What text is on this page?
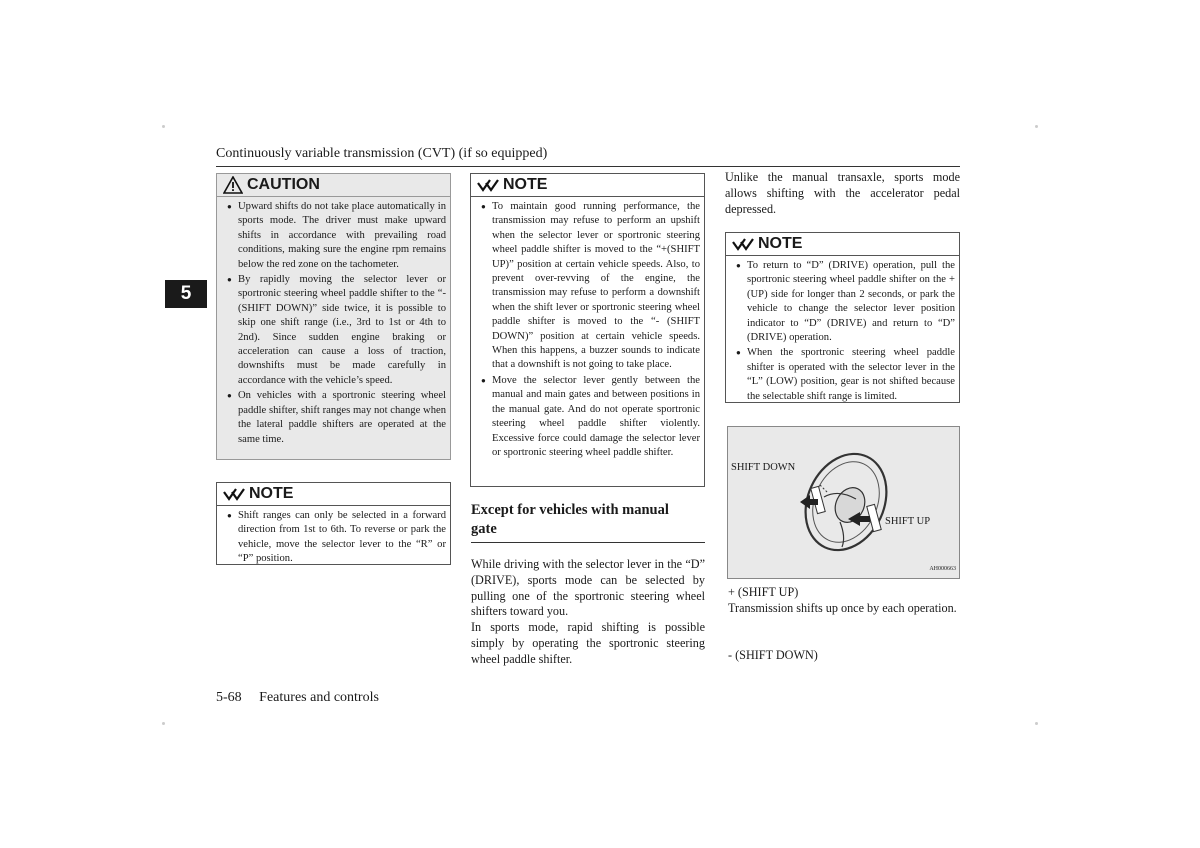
Continuously variable transmission (CVT) (if so equipped)
5
CAUTION
● Upward shifts do not take place automatically in sports mode. The driver must make upward shifts in accordance with prevailing road conditions, making sure the engine rpm remains below the red zone on the tachometer.
● By rapidly moving the selector lever or sportronic steering wheel paddle shifter to the “- (SHIFT DOWN)” side twice, it is possible to skip one shift range (i.e., 3rd to 1st or 4th to 2nd). Since sudden engine braking or acceleration can cause a loss of traction, downshifts must be made carefully in accordance with the vehicle’s speed.
● On vehicles with a sportronic steering wheel paddle shifter, shift ranges may not change when the lateral paddle shifters are operated at the same time.
NOTE
● Shift ranges can only be selected in a forward direction from 1st to 6th. To reverse or park the vehicle, move the selector lever to the “R” or “P” position.
NOTE
● To maintain good running performance, the transmission may refuse to perform an upshift when the selector lever or sportronic steering wheel paddle shifter is moved to the “+(SHIFT UP)” position at certain vehicle speeds. Also, to prevent over-revving of the engine, the transmission may refuse to perform a downshift when the shift lever or sportronic steering wheel paddle shifter is moved to the “- (SHIFT DOWN)” position at certain vehicle speeds. When this happens, a buzzer sounds to indicate that a downshift is not going to take place.
● Move the selector lever gently between the manual and main gates and between positions in the manual gate. And do not operate sportronic steering wheel paddle shifter violently. Excessive force could damage the selector lever or sportronic steering wheel paddle shifter.
Except for vehicles with manual
gate

While driving with the selector lever in the “D” (DRIVE), sports mode can be selected by pulling one of the sportronic steering wheel shifters toward you.

In sports mode, rapid shifting is possible simply by operating the sportronic steering wheel paddle shifter.

Unlike the manual transaxle, sports mode allows shifting with the accelerator pedal depressed.
NOTE
● To return to “D” (DRIVE) operation, pull the sportronic steering wheel paddle shifter on the +(UP) side for longer than 2 seconds, or park the vehicle to change the selector lever position indicator to “D” (DRIVE) and return to “D” (DRIVE) operation.
● When the sportronic steering wheel paddle shifter is operated with the selector lever in the “L” (LOW) position, gear is not shifted because the selectable shift range is limited.
SHIFT DOWN
SHIFT UP
AH000663

+ (SHIFT UP)

Transmission shifts up once by each operation.

- (SHIFT DOWN)

5-68 Features and controls
